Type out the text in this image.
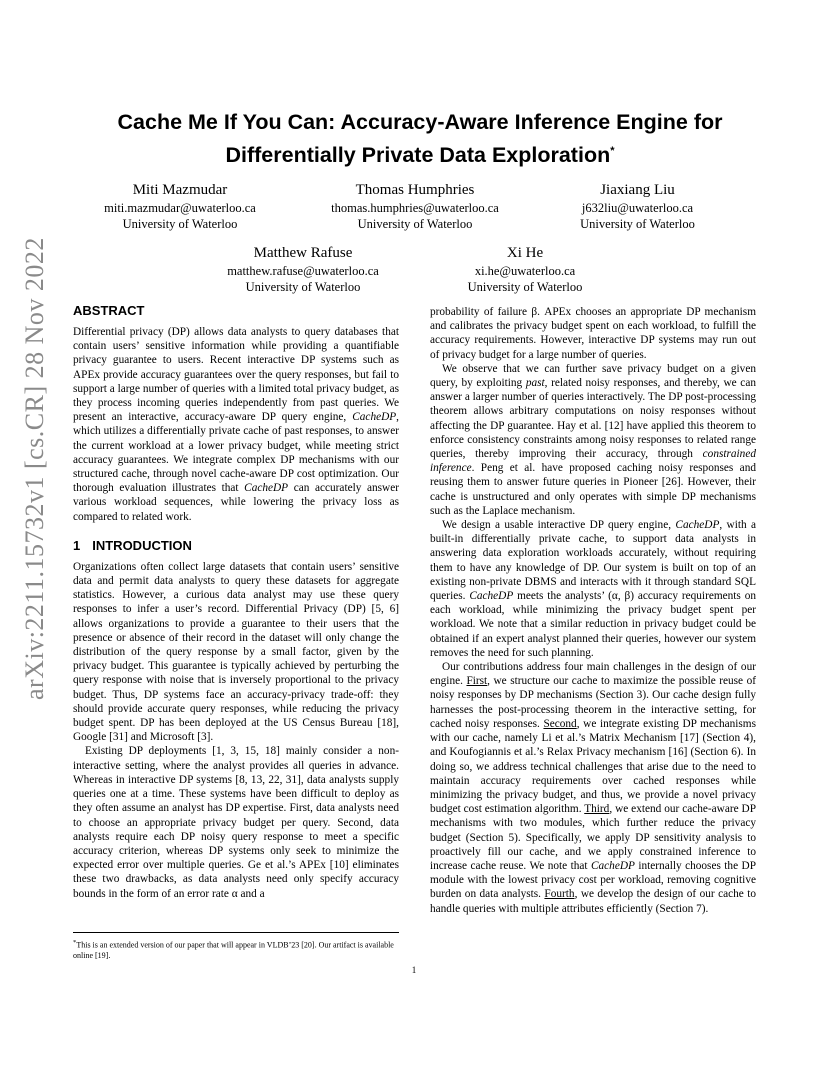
arXiv:2211.15732v1 [cs.CR] 28 Nov 2022
Cache Me If You Can: Accuracy-Aware Inference Engine for
Differentially Private Data Exploration*
Miti Mazmudar
miti.mazmudar@uwaterloo.ca
University of Waterloo
Thomas Humphries
thomas.humphries@uwaterloo.ca
University of Waterloo
Jiaxiang Liu
j632liu@uwaterloo.ca
University of Waterloo
Matthew Rafuse
matthew.rafuse@uwaterloo.ca
University of Waterloo
Xi He
xi.he@uwaterloo.ca
University of Waterloo
ABSTRACT

Differential privacy (DP) allows data analysts to query databases that contain users’ sensitive information while providing a quantifiable privacy guarantee to users. Recent interactive DP systems such as APEx provide accuracy guarantees over the query responses, but fail to support a large number of queries with a limited total privacy budget, as they process incoming queries independently from past queries. We present an interactive, accuracy-aware DP query engine, CacheDP, which utilizes a differentially private cache of past responses, to answer the current workload at a lower privacy budget, while meeting strict accuracy guarantees. We integrate complex DP mechanisms with our structured cache, through novel cache-aware DP cost optimization. Our thorough evaluation illustrates that CacheDP can accurately answer various workload sequences, while lowering the privacy loss as compared to related work.

1 INTRODUCTION

Organizations often collect large datasets that contain users’ sensitive data and permit data analysts to query these datasets for aggregate statistics. However, a curious data analyst may use these query responses to infer a user’s record. Differential Privacy (DP) [5, 6] allows organizations to provide a guarantee to their users that the presence or absence of their record in the dataset will only change the distribution of the query response by a small factor, given by the privacy budget. This guarantee is typically achieved by perturbing the query response with noise that is inversely proportional to the privacy budget. Thus, DP systems face an accuracy-privacy trade-off: they should provide accurate query responses, while reducing the privacy budget spent. DP has been deployed at the US Census Bureau [18], Google [31] and Microsoft [3].

Existing DP deployments [1, 3, 15, 18] mainly consider a non-interactive setting, where the analyst provides all queries in advance. Whereas in interactive DP systems [8, 13, 22, 31], data analysts supply queries one at a time. These systems have been difficult to deploy as they often assume an analyst has DP expertise. First, data analysts need to choose an appropriate privacy budget per query. Second, data analysts require each DP noisy query response to meet a specific accuracy criterion, whereas DP systems only seek to minimize the expected error over multiple queries. Ge et al.’s APEx [10] eliminates these two drawbacks, as data analysts need only specify accuracy bounds in the form of an error rate α and a

probability of failure β. APEx chooses an appropriate DP mechanism and calibrates the privacy budget spent on each workload, to fulfill the accuracy requirements. However, interactive DP systems may run out of privacy budget for a large number of queries.

We observe that we can further save privacy budget on a given query, by exploiting past, related noisy responses, and thereby, we can answer a larger number of queries interactively. The DP post-processing theorem allows arbitrary computations on noisy responses without affecting the DP guarantee. Hay et al. [12] have applied this theorem to enforce consistency constraints among noisy responses to related range queries, thereby improving their accuracy, through constrained inference. Peng et al. have proposed caching noisy responses and reusing them to answer future queries in Pioneer [26]. However, their cache is unstructured and only operates with simple DP mechanisms such as the Laplace mechanism.

We design a usable interactive DP query engine, CacheDP, with a built-in differentially private cache, to support data analysts in answering data exploration workloads accurately, without requiring them to have any knowledge of DP. Our system is built on top of an existing non-private DBMS and interacts with it through standard SQL queries. CacheDP meets the analysts’ (α, β) accuracy requirements on each workload, while minimizing the privacy budget spent per workload. We note that a similar reduction in privacy budget could be obtained if an expert analyst planned their queries, however our system removes the need for such planning.

Our contributions address four main challenges in the design of our engine. First, we structure our cache to maximize the possible reuse of noisy responses by DP mechanisms (Section 3). Our cache design fully harnesses the post-processing theorem in the interactive setting, for cached noisy responses. Second, we integrate existing DP mechanisms with our cache, namely Li et al.’s Matrix Mechanism [17] (Section 4), and Koufogiannis et al.’s Relax Privacy mechanism [16] (Section 6). In doing so, we address technical challenges that arise due to the need to maintain accuracy requirements over cached responses while minimizing the privacy budget, and thus, we provide a novel privacy budget cost estimation algorithm. Third, we extend our cache-aware DP mechanisms with two modules, which further reduce the privacy budget (Section 5). Specifically, we apply DP sensitivity analysis to proactively fill our cache, and we apply constrained inference to increase cache reuse. We note that CacheDP internally chooses the DP module with the lowest privacy cost per workload, removing cognitive burden on data analysts. Fourth, we develop the design of our cache to handle queries with multiple attributes efficiently (Section 7).

*This is an extended version of our paper that will appear in VLDB’23 [20]. Our artifact is available online [19].
1
